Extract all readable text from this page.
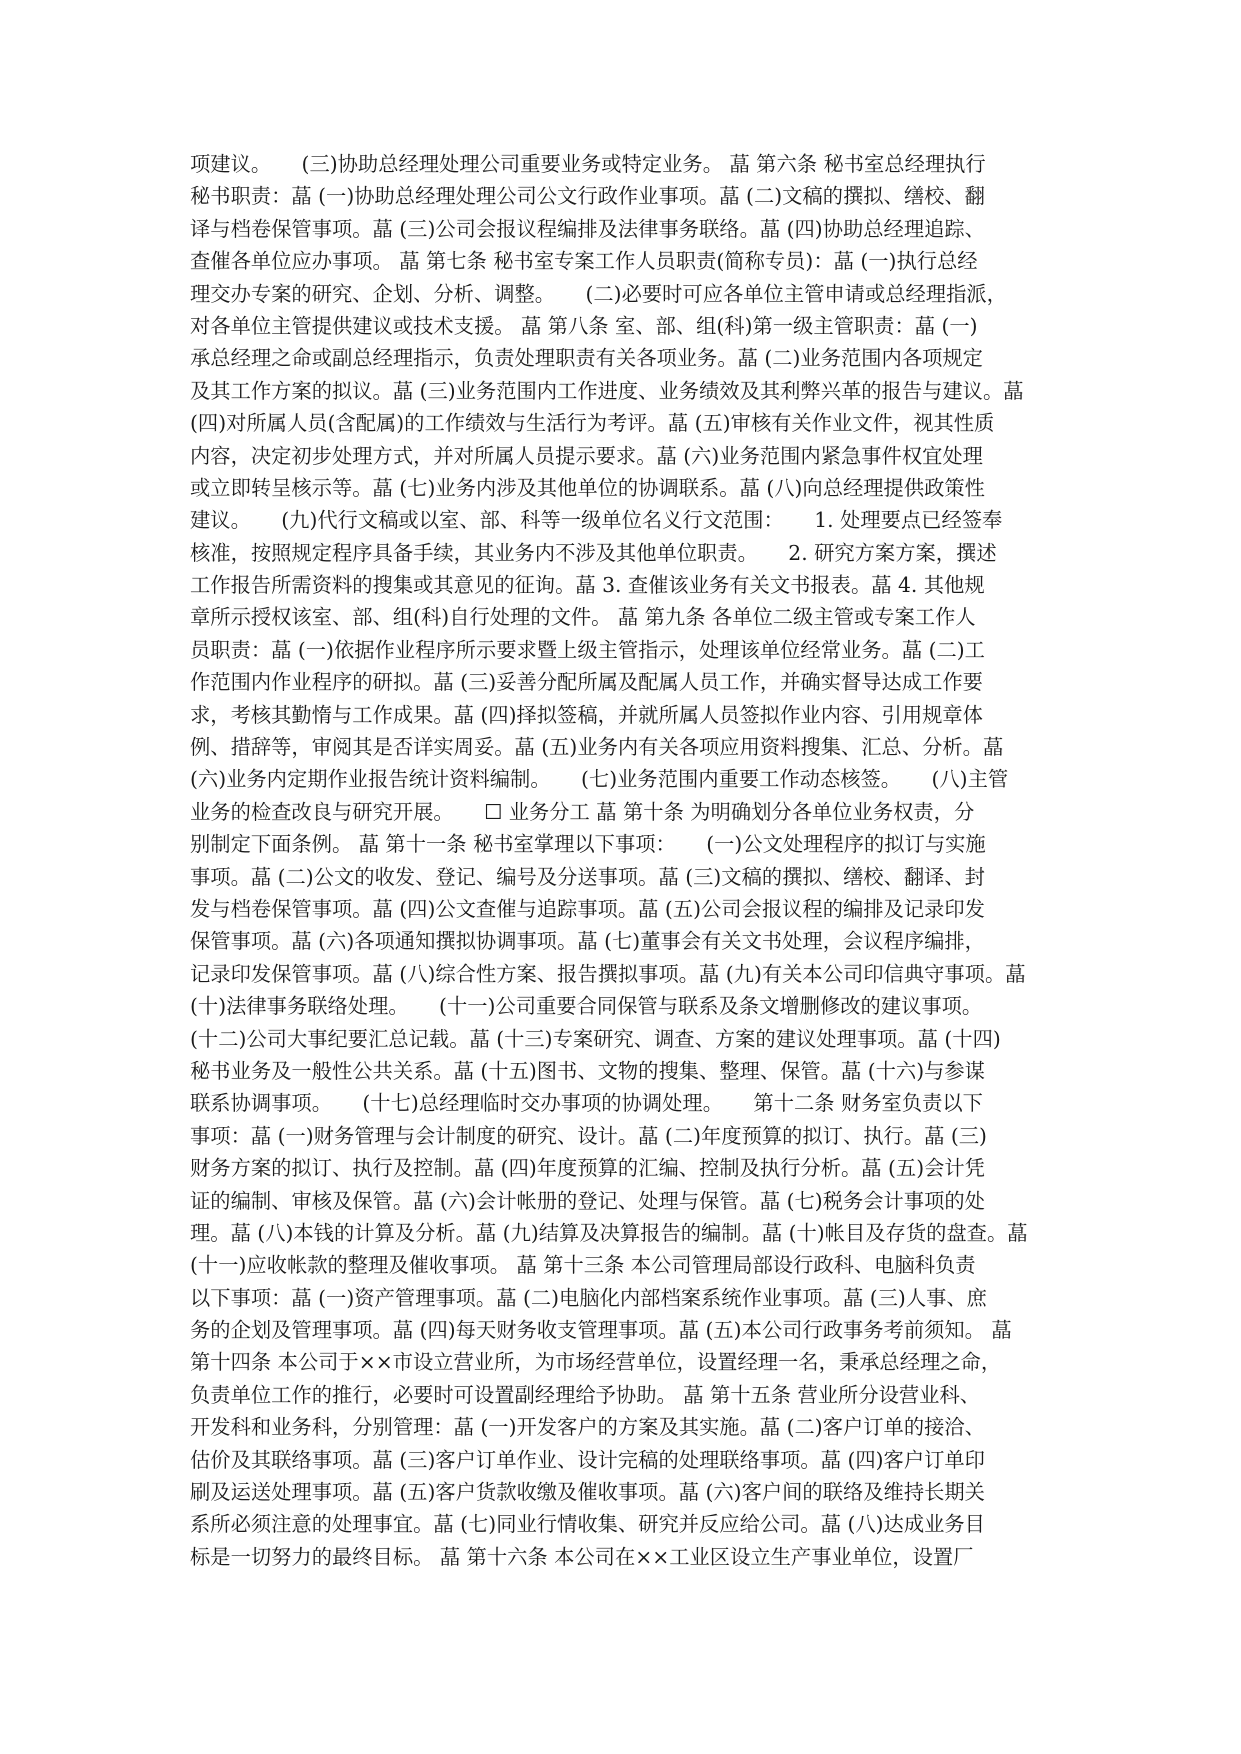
项建议。　　(三)协助总经理处理公司重要业务或特定业务。 蕌 第六条 秘书室总经理执行
秘书职责：蕌 (一)协助总经理处理公司公文行政作业事项。蕌 (二)文稿的撰拟、缮校、翻
译与档卷保管事项。蕌 (三)公司会报议程编排及法律事务联络。蕌 (四)协助总经理追踪、
查催各单位应办事项。 蕌 第七条 秘书室专案工作人员职责(简称专员)：蕌 (一)执行总经
理交办专案的研究、企划、分析、调整。　　(二)必要时可应各单位主管申请或总经理指派，
对各单位主管提供建议或技术支援。 蕌 第八条 室、部、组(科)第一级主管职责：蕌 (一)
承总经理之命或副总经理指示，负责处理职责有关各项业务。蕌 (二)业务范围内各项规定
及其工作方案的拟议。蕌 (三)业务范围内工作进度、业务绩效及其利弊兴革的报告与建议。蕌
(四)对所属人员(含配属)的工作绩效与生活行为考评。蕌 (五)审核有关作业文件，视其性质
内容，决定初步处理方式，并对所属人员提示要求。蕌 (六)业务范围内紧急事件权宜处理
或立即转呈核示等。蕌 (七)业务内涉及其他单位的协调联系。蕌 (八)向总经理提供政策性
建议。　　(九)代行文稿或以室、部、科等一级单位名义行文范围：　　1. 处理要点已经签奉
核准，按照规定程序具备手续，其业务内不涉及其他单位职责。　　2. 研究方案方案，撰述
工作报告所需资料的搜集或其意见的征询。蕌 3. 查催该业务有关文书报表。蕌 4. 其他规
章所示授权该室、部、组(科)自行处理的文件。 蕌 第九条 各单位二级主管或专案工作人
员职责：蕌 (一)依据作业程序所示要求暨上级主管指示，处理该单位经常业务。蕌 (二)工
作范围内作业程序的研拟。蕌 (三)妥善分配所属及配属人员工作，并确实督导达成工作要
求，考核其勤惰与工作成果。蕌 (四)择拟签稿，并就所属人员签拟作业内容、引用规章体
例、措辞等，审阅其是否详实周妥。蕌 (五)业务内有关各项应用资料搜集、汇总、分析。蕌
(六)业务内定期作业报告统计资料编制。　　(七)业务范围内重要工作动态核签。　　(八)主管
业务的检查改良与研究开展。　　☐ 业务分工 蕌 第十条 为明确划分各单位业务权责，分
别制定下面条例。 蕌 第十一条 秘书室掌理以下事项：　　(一)公文处理程序的拟订与实施
事项。蕌 (二)公文的收发、登记、编号及分送事项。蕌 (三)文稿的撰拟、缮校、翻译、封
发与档卷保管事项。蕌 (四)公文查催与追踪事项。蕌 (五)公司会报议程的编排及记录印发
保管事项。蕌 (六)各项通知撰拟协调事项。蕌 (七)董事会有关文书处理，会议程序编排，
记录印发保管事项。蕌 (八)综合性方案、报告撰拟事项。蕌 (九)有关本公司印信典守事项。蕌
(十)法律事务联络处理。　　(十一)公司重要合同保管与联系及条文增删修改的建议事项。
(十二)公司大事纪要汇总记载。蕌 (十三)专案研究、调查、方案的建议处理事项。蕌 (十四)
秘书业务及一般性公共关系。蕌 (十五)图书、文物的搜集、整理、保管。蕌 (十六)与参谋
联系协调事项。　　(十七)总经理临时交办事项的协调处理。　　第十二条 财务室负责以下
事项：蕌 (一)财务管理与会计制度的研究、设计。蕌 (二)年度预算的拟订、执行。蕌 (三)
财务方案的拟订、执行及控制。蕌 (四)年度预算的汇编、控制及执行分析。蕌 (五)会计凭
证的编制、审核及保管。蕌 (六)会计帐册的登记、处理与保管。蕌 (七)税务会计事项的处
理。蕌 (八)本钱的计算及分析。蕌 (九)结算及决算报告的编制。蕌 (十)帐目及存货的盘查。蕌
(十一)应收帐款的整理及催收事项。 蕌 第十三条 本公司管理局部设行政科、电脑科负责
以下事项：蕌 (一)资产管理事项。蕌 (二)电脑化内部档案系统作业事项。蕌 (三)人事、庶
务的企划及管理事项。蕌 (四)每天财务收支管理事项。蕌 (五)本公司行政事务考前须知。 蕌
第十四条 本公司于××市设立营业所，为市场经营单位，设置经理一名，秉承总经理之命，
负责单位工作的推行，必要时可设置副经理给予协助。 蕌 第十五条 营业所分设营业科、
开发科和业务科，分别管理：蕌 (一)开发客户的方案及其实施。蕌 (二)客户订单的接洽、
估价及其联络事项。蕌 (三)客户订单作业、设计完稿的处理联络事项。蕌 (四)客户订单印
刷及运送处理事项。蕌 (五)客户货款收缴及催收事项。蕌 (六)客户间的联络及维持长期关
系所必须注意的处理事宜。蕌 (七)同业行情收集、研究并反应给公司。蕌 (八)达成业务目
标是一切努力的最终目标。 蕌 第十六条 本公司在××工业区设立生产事业单位，设置厂
